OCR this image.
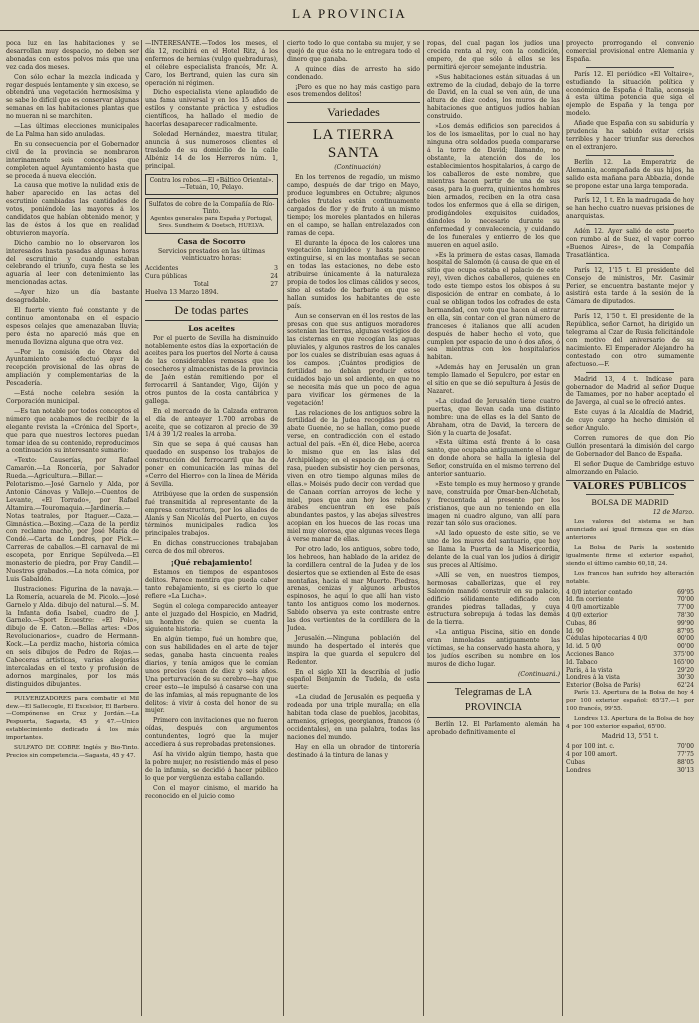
LA PROVINCIA

poca luz en las habitaciones y se desarrollan muy despacio, no deben ser abonadas con estos polvos más que una vez cada dos meses.

Con sólo echar la mezcla indicada y regar después lentamente y sin exceso, se obtendrá una vegetación hermosísima y se sabe lo difícil que es conservar algunas semanas en las habitaciones plantas que no mueran ni se marchiten.

—Las últimas elecciones municipales de La Palma han sido anuladas.

En su consecuencia por el Gobernador civil de la provincia se nombraron interinamente seis concejales que completen aquel Ayuntamiento hasta que se proceda á nueva elección.

La causa que motive la nulidad exis de haber aparecido en las actas del escrutinio cambiadas las cantidades de votos, poniéndole las mayores á los candidatos que habían obtenido menor, y las de éstos á los que en realidad obtuvieron mayoría.

Dicho cambio no lo observaron los interesados hasta pasadas algunas horas del escrutinio y cuando estaban celebrando el triunfo, cuya fiesta se les aguaría al leer con detenimiento las mencionadas actas.

—Ayer hizo un día bastante desagradable.

El fuerte viento fué constante y de continuo amontonaba en el espacio espesos celajes que amenazaban lluvia; pero ésta no apareció más que en menuda llovizna alguna que otra vez.

—Por la comisión de Obras del Ayuntamiento se efectuó ayer la recepción provisional de las obras de ampliación y complementarias de la Pescadería.

—Está noche celebra sesión la Corporación municipal.

—Es tan notable por todos conceptos el número que acabamos de recibir de la elegante revista la «Crónica del Sport», que para que nuestros lectores puedan tomar idea de su contenido, reproducimos a continuación su interesante sumario:

«Texto: Causerías, por Rafael Camarón.—La Roncería, por Salvador Rueda.—Agricultura.—Billar.—Pelotarismo.—José Garnelo y Alda, por Antonio Cánovas y Vallejo.—Cuentos de Levante, «El Torrado», por Rafael Altamira.—Touromaquia.—Jardinería.—Notas teatrales, por Itaguer.—Caza.—Gimnástica.—Boxing.—Caza de la perdiz con reclamo macho, por José María de Condé.—Carta de Londres, por Pick.—Carreras de caballos.—El carnaval de mi escopeta, por Enrique Sepúlveda.—El monasterio de piedra, por Fray Candil.—Nuestros grabados.—La nota cómica, por Luis Gabaldón.

Ilustraciones: Figurina de la navaja.—La Romería, acuarela de M. Picolo.—José Garnelo y Alda. dibujo del natural.—S. M. la Infanta doña Isabel, cuadro de J. Garnelo.—Sport Ecuestre: «El Polo», dibujo de E. Caton.—Bellas artes: «Dos Revolucionarios», cuadro de Hermann-Kock.—La perdiz macho, historia cómica en seis dibujos de Pedro de Rojas.—Cabeceras artísticas, varias alegorías intercaladas en el texto y profusión de adornos marginales, por los más distinguidos dibujantes.

PULVERIZADORES para combatir el Mil dew.—El Sallecogle, El Excelsior, El Barbero.—Compónense en Cruz y Jordán.—La Pespuerta, Sagasta, 45 y 47.—Unico establecimiento dedicado á los más importantes.

SULFATO DE COBRE Inglés y Bio-Tinto. Precios sin competencia.—Sagasta, 45 y 47.

—INTERESANTE.—Todos los meses, el día 12, recibirá en el Hotel Ritz, á los enfermos de hernias (vulgo quebraduras), el célebre especialista francés, Mr. A. Caro, los Bertrand, quien las cura sin operación ni régimen.

Dicho especialista viene aplaudido de una fama universal y en los 15 años de estilos y constante práctica y estudios científicos, ha hallado el medio de hacerlas desaparecer radicalmente.

Soledad Hernández, maestra titular, anuncia á sus numerosos clientes el traslado de su domicilio de la calle Albéniz 14 de los Herreros núm. 1, principal.

Contra los robos.—El «Báltico Oriental».—Tetuán, 10, Pelayo.
Sulfatos de cobre de la Compañía de Río-Tinto.
Agentes generales para España y Portugal, Sres. Sundheim & Doetsch, HUELVA.
Casa de Socorro

Servicios prestados en las últimas veinticuatro horas:

Accidentes	3
Cura públicas	24
Total	27

Huelva 13 Marzo 1894.

De todas partes
Los aceites

Por el puerto de Sevilla ha disminuído notablemente estos días la exportación de aceites para los puertos del Norte á causa de las considerables remesas que los cosecheros y almacenistas de la provincia de Jaén están remitiendo por el ferrocarril á Santander, Vigo, Gijón y otros puntos de la costa cantábrica y gallega.

En el mercado de la Calzada entraron el día de anteayer 1.700 arrobas de aceite, que se cotizaron al precio de 39 1/4 á 39 1/2 reales la arroba.

Sin que se sepa á qué causas han quedado en suspenso los trabajos de construcción del ferrocarril que ha de poner en comunicación las minas del «Cerro del Hierro» con la línea de Mérida á Sevilla.

Atribúyese que la orden de suspensión fué transmitida al representante de la empresa constructora, por los aliados de Alanís y San Nicolás del Puerto, en cuyos términos municipales radica los principales trabajos.

En dichas construcciones trabajaban cerca de dos mil obreros.

¡Qué rebajamiento!

Estamos en tiempos de espantosos delitos. Parece mentira que pueda caber tanto rebajamiento, si es cierto lo que refiere «La Lucha».

Según el colega comparecido anteayer ante el juzgado del Hospicio, en Madrid, un hombre de quien se cuenta la siguiente historia:

En algún tiempo, fué un hombre que, con sus habilidades en el arte de tejer sedas, ganaba hasta cincuenta reales diarios, y tenía amigos que le comían unos precios (sean de diez y seis años. Una perturvación de su cerebro—hay que creer esto—le impulsó á casarse con una de las infamias, al más repugnante de los delitos: á vivir á costa del honor de su mujer.

Primero con invitaciones que no fueron oídas, después con argumentos contundentes, logró que la mujer accediera á sus reprobadas pretensiones.

Así ha vivido algún tiempo, hasta que la pobre mujer, no resistiendo más el peso de la infamia, se decidió á hacer público lo que por vergüenza estaba callando.

Con el mayor cinismo, el marido ha reconocido en el juicio como

cierto todo lo que contaba su mujer, y se quejó de que ésta no le entregara todo el dinero que ganaba.

A quince días de arresto ha sido condenado.

¡Pero es que no hay más castigo para esos tremendos delitos!

Variedades
LA TIERRA SANTA

(Continuación)

En los terrenos de regadío, un mismo campo, después de dar trigo en Mayo, produce legumbres en Octubre; algunos árboles frutales están continuamente cargados de flor y de fruto á un mismo tiempo; los moreles plantados en hileras en el campo, se hallan entrelazados con ramas de cepa.

El durante la época de los calores una vegetación languidece y hasta parece extinguirse, si en las montañas se secan en todas las estaciones, no debe esto atribuirse únicamente á la naturaleza propia de todos los climas cálidos y secos, sino al estado de barbarie en que se hallan sumidos los habitantes de este país.

Aun se conservan en él los restos de las presas con que sus antiguos moradores sostenían las tierras, algunas vestigios de las cisternas en que recogían las aguas pluviales, y algunos rastros de los canales por los cuales se distribuían esas aguas á los campos. ¡Cuántos prodigios de fertilidad no debían producir estos cuidados bajo un sol ardiente, en que no se necesita más que un poco de agua para vivificar los gérmenes de la vegetación!

Las relaciones de los antiguos sobre la fertilidad de la Judea recogidas por el abate Guenée, no se hallan, como puede verse, en contradicción con el estado actual del país. «En él, dice Hebe, acerca lo mismo que en las islas del Archipiélago; en el espacio de un á otra rasa, pueden subsistir hoy cien personas, viven en otro tiempo algunas miles de ellas.» Moisés pudo decir con verdad que de Canaan corrían arroyos de leche y miel, pues que aun hoy los rebaños árabes encuentran en ese país abundantes pastos, y las abejas silvestres acopian en los huecos de las rocas una miel muy olorosa, que algunas veces llega á verse manar de ellas.

Por otro lado, los antiguos, sobre todo, los hebreos, han hablado de la aridez de la cordillera central de la Judea y de los desiertos que se extienden al Este de esas montañas, hacia el mar Muerto. Piedras, arenas, cenizas y algunos arbustos espinosos, he aquí lo que allí han visto tanto los antiguos como los modernos. Sabido observa ya este contraste entre las dos vertientes de la cordillera de la Judea.

Jerusalén.—Ninguna población del mundo ha despertado el interés que inspira la que guarda el sepulcro del Redentor.

En el siglo XII la describía el judío español Benjamín de Tudela, de esta suerte:

«La ciudad de Jerusalén es pequeña y rodeada por una triple muralla; en ella habitan toda clase de pueblos, jacobitas, armenios, griegos, georgianos, francos (ó occidentales), en una palabra, todas las naciones del mundo.

Hay en ella un obrador de tintorería destinado á la tintura de lanas y

ropas, del cual pagan los judíos una crecida renta al rey, con la condición, empero, de que sólo á ellos se les permitirá ejercer semejante industria.

»Sus habitaciones están situadas á un extremo de la ciudad, debajo de la torre de David, en la cual se ven aún, de una altura de diez codos, los muros de las habitaciones que antiguos judíos habían construido.

»Los demás edificios son parecidos á los de los ismaelitas, por lo cual no hay ninguna otra soldados pueda compararse á la torre de David; llamando, no obstante, la atención dos de los establecimientos hospitalarios, á cargo de los caballeros de este nombre, que mientras hacen partir de una de sus casas, para la guerra, quinientos hombres bien armados, reciben en la otra casa todos los enfermos que á ella se dirigen, prodigándoles exquisitos cuidados, dándoles lo necesario durante su enfermedad y convalecencia, y cuidando de los funerales y entierro de los que mueren en aquel asilo.

»Es la primera de estas casas, llamada hospital de Salomón (á causa de que en el sitio que ocupa estaba el palacio de este rey), viven dichos caballeros, quienes en todo este tiempo estos los obispos á su disposición de entrar en combate, á lo cual se obligan todos los cofrades de esta hermandad, con voto que hacen al entrar en ella, sin contar con el gran número de franceses é italianos que allí acuden después de haber hecho el voto, que cumplen por espacio de uno ó dos años, ó sea mientras con los hospitalarios habitan.

»Además hay en Jerusalén un gran templo llamado el Sepulcro, por estar en el sitio en que se dió sepultura á Jesús de Nazaret.

»La ciudad de Jerusalén tiene cuatro puertas, que llevan cada una distinto nombre: una de ellas es la del Santo de Abraham, otra de David, la tercera de Sión y la cuarta de Josafat.

»Esta última está frente á lo casa santo, que ocupaba antiguamente el lugar en donde ahora se halla la iglesia del Señor, construída en el mismo terreno del anterior santuario.

»Este templo es muy hermoso y grande nave, construída por Omar-ben-Alchetab, y frecuentada al presente por los cristianos, que aun no teniendo en ella imagen ni cuadro alguno, van allí para rezar tan sólo sus oraciones.

»Al lado opuesto de este sitio, se ve uno de los muros del santuario, que hoy se llama la Puerta de la Misericordia, delante de la cual van los judíos á dirigir sus preces al Altísimo.

»Allí se ven, en nuestros tiempos, hermosas caballerizas, que el rey Salomón mandó construir en su palacio, edificio sólidamente edificado con grandes piedras talladas, y cuya estructura sobrepuja á todas las demás de la tierra.

»La antigua Piscina, sitio en donde eran inmoladas antiguamente las víctimas, se ha conservado hasta ahora, y los judíos escriben su nombre en los muros de dicho lugar.

(Continuará.)

Telegramas de LA PROVINCIA

Berlín 12. El Parlamento alemán ha aprobado definitivamente el

proyecto prorrogando el convenio comercial provisional entre Alemania y España.

París 12. El periódico «El Voltaire», estudiando la situación política y económica de España é Italia, aconseja á esta última potencia que siga el ejemplo de España y la tenga por modelo.

Añade que España con su sabiduría y prudencia ha sabido evitar crisis terribles y hacer triunfar sus derechos en el extranjero.

Berlín 12. La Emperatriz de Alemania, acompañada de sus hijos, ha salido esta mañana para Abbazia, donde se propone estar una larga temporada.

París 12, 1 t. En la madrugada de hoy se han hecho cuatro nuevas prisiones de anarquistas.

Adén 12. Ayer salió de este puerto con rumbo al de Suez, el vapor correo «Buenos Aires», de la Compañía Trasatlántica.

París 12, 1'15 t. El presidente del Consejo de ministros, Mr. Casimir Perier, se encuentra bastante mejor y asistirá esta tarde á la sesión de la Cámara de diputados.

París 12, 1'50 t. El presidente de la República, señor Carnot, ha dirigido un telegrama al Czar de Rusia felicitándole con motivo del aniversario de su nacimiento. El Emperador Alejandro ha contestado con otro sumamente afectuoso.—F.

Madrid 13, 4 t. Indícase para gobernador de Madrid al señor Duque de Tamames, por no haber aceptado el de Javerga, al cual se le ofreció antes.

Este cuyas á la Alcaldía de Madrid, de cuyo cargo ha hecho dimisión el señor Angulo.

Corren rumores de que don Pío Gullón presentará la dimisión del cargo de Gobernador del Banco de España.

El señor Duque de Cambridge estuvo almorzando en Palacio.

VALORES PÚBLICOS
BOLSA DE MADRID

12 de Marzo.

Los valores del sistema se han anunciado así igual firmeza que en días anteriores

La Bolsa de París la sostenido igualmente firme el exterior español, siendo el último cambio 60,18, 24.

Los francos han sufrido hoy alteración notable.

4 0/0 interior contado	69'95
Id. fin corriente	70'00
4 0/0 amortizable	77'00
4 0/0 exterior	78'30
Cubas, 86	99'90
Id. 90	87'95
Cédulas hipotecarias 4 0/0	00'00
Id. id. 5 0/0	00'00
Acciones Banco	375'00
Id. Tabaco	165'00
París, á la vista	29'20
Londres á la vista	30'30
Exterior (Bolsa de París)	62'24

París 13. Apertura de la Bolsa de hoy 4 por 100 exterior español: 65'37.—1 por 100 francés, 99'55.

Londres 13. Apertura de la Bolsa de hoy 4 por 100 exterior español, 65'00.

Madrid 13, 5'51 t.

4 por 100 int. c.	70'00
4 por 100 amort.	77'75
Cubas	88'05
Londres	30'13
